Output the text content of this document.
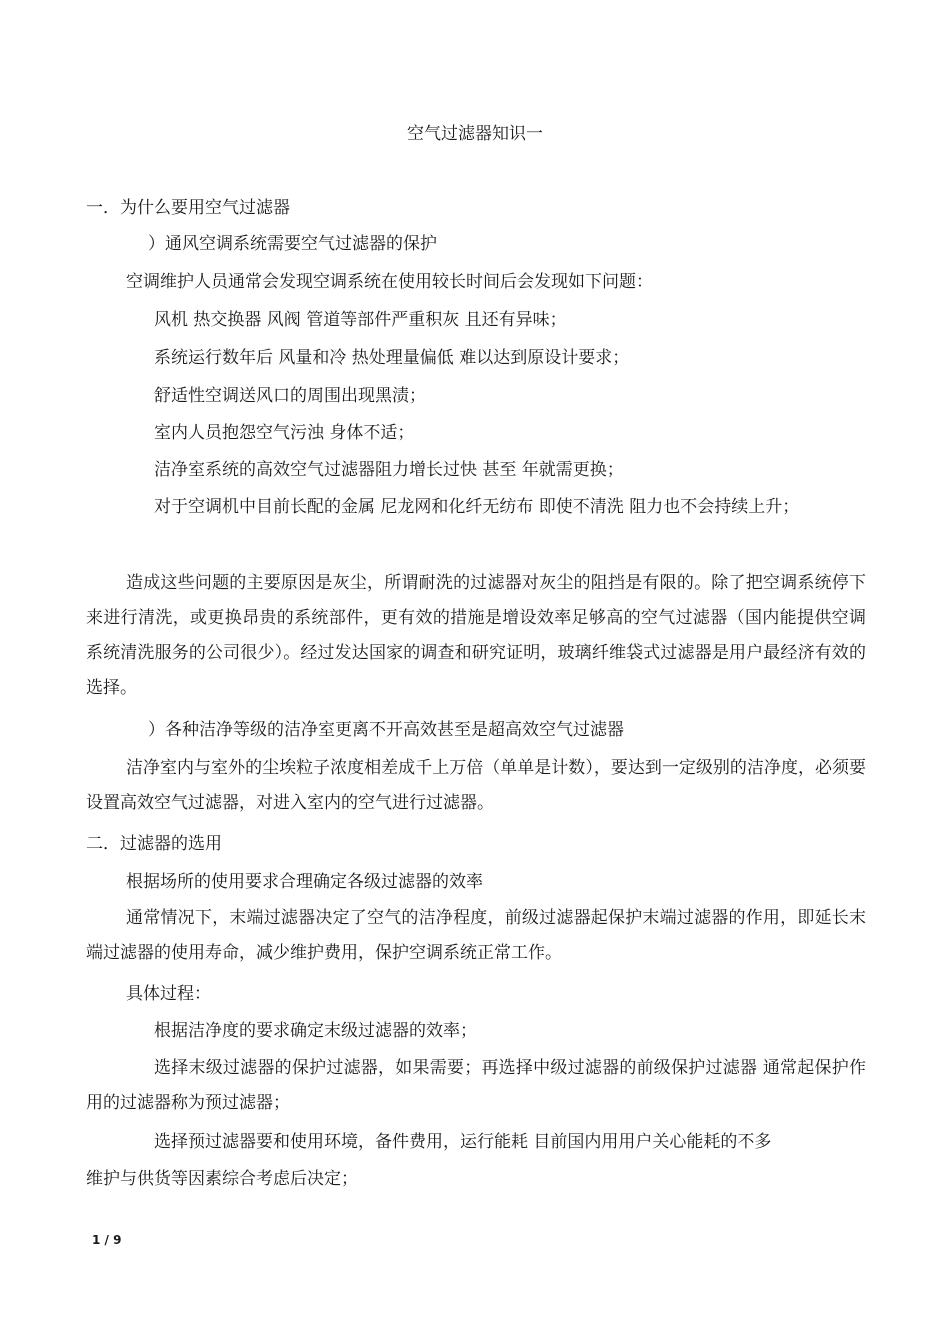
空气过滤器知识一
一．为什么要用空气过滤器
）通风空调系统需要空气过滤器的保护
空调维护人员通常会发现空调系统在使用较长时间后会发现如下问题：
风机 热交换器 风阀 管道等部件严重积灰 且还有异味；
系统运行数年后 风量和冷 热处理量偏低 难以达到原设计要求；
舒适性空调送风口的周围出现黑渍；
室内人员抱怨空气污浊 身体不适；
洁净室系统的高效空气过滤器阻力增长过快 甚至 年就需更换；

对于空调机中目前长配的金属 尼龙网和化纤无纺布 即使不清洗 阻力也不会持续上升；

造成这些问题的主要原因是灰尘，所谓耐洗的过滤器对灰尘的阻挡是有限的。除了把空调系统停下来进行清洗，或更换昂贵的系统部件，更有效的措施是增设效率足够高的空气过滤器（国内能提供空调系统清洗服务的公司很少）。经过发达国家的调查和研究证明，玻璃纤维袋式过滤器是用户最经济有效的选择。

）各种洁净等级的洁净室更离不开高效甚至是超高效空气过滤器

洁净室内与室外的尘埃粒子浓度相差成千上万倍（单单是计数），要达到一定级别的洁净度，必须要设置高效空气过滤器，对进入室内的空气进行过滤器。

二．过滤器的选用
根据场所的使用要求合理确定各级过滤器的效率

通常情况下，末端过滤器决定了空气的洁净程度，前级过滤器起保护末端过滤器的作用，即延长末端过滤器的使用寿命，减少维护费用，保护空调系统正常工作。

具体过程：
根据洁净度的要求确定末级过滤器的效率；

选择末级过滤器的保护过滤器，如果需要；再选择中级过滤器的前级保护过滤器 通常起保护作用的过滤器称为预过滤器；

选择预过滤器要和使用环境，备件费用，运行能耗 目前国内用用户关心能耗的不多
维护与供货等因素综合考虑后决定；
1 / 9
